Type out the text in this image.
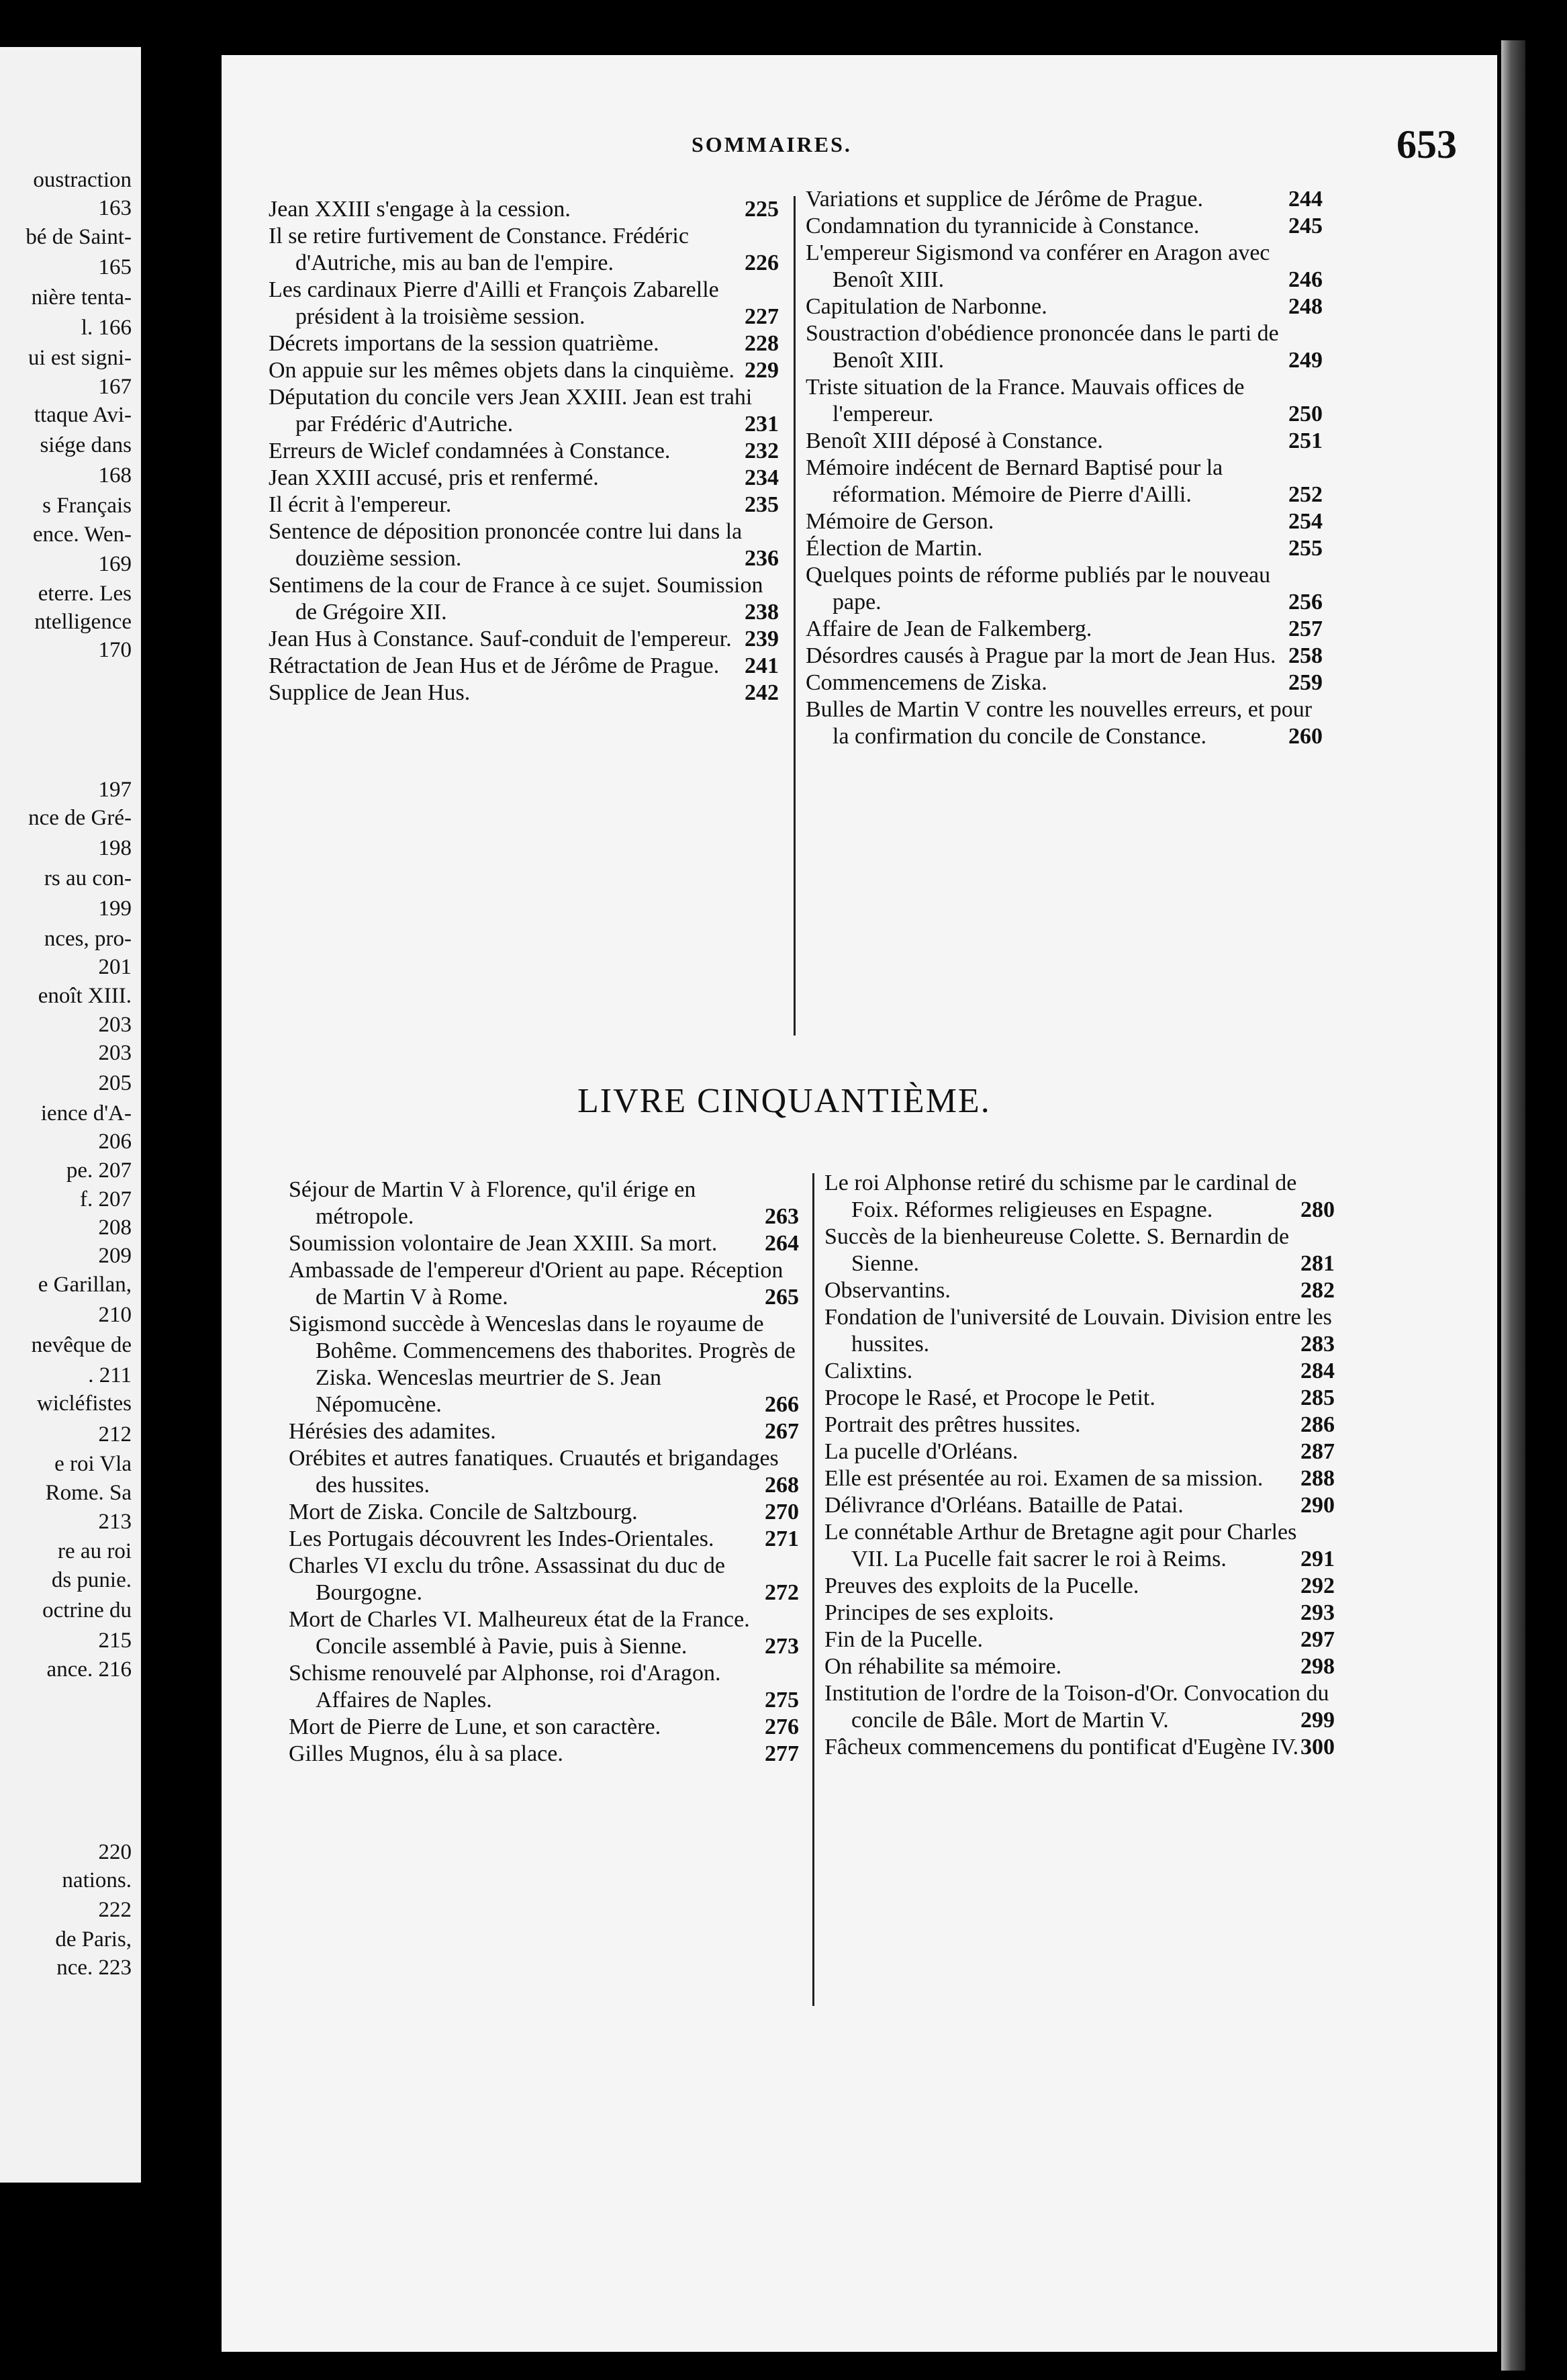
oustraction
163
bé de Saint-
165
nière tenta-
l. 166
ui est signi-
167
ttaque Avi-
siége dans
168
s Français
ence. Wen-
169
eterre. Les
ntelligence
170
197
nce de Gré-
198
rs au con-
199
nces, pro-
201
enoît XIII.
203
203
205
ience d'A-
206
pe. 207
f. 207
208
209
e Garillan,
210
nevêque de
. 211
wicléfistes
212
e roi Vla
Rome. Sa
213
re au roi
ds punie.
octrine du
215
ance. 216
220
nations.
222
de Paris,
nce. 223
SOMMAIRES.	653

Jean XXIII s'engage à la cession.	225

Il se retire furtivement de Constance. Frédéric d'Autriche, mis au ban de l'empire.	226

Les cardinaux Pierre d'Ailli et François Zabarelle président à la troisième session.	227

Décrets importans de la session quatrième.	228

On appuie sur les mêmes objets dans la cinquième. 229

Députation du concile vers Jean XXIII. Jean est trahi par Frédéric d'Autriche.	231

Erreurs de Wiclef condamnées à Constance.	232

Jean XXIII accusé, pris et renfermé.	234

Il écrit à l'empereur.	235

Sentence de déposition prononcée contre lui dans la douzième session.	236

Sentimens de la cour de France à ce sujet. Soumission de Grégoire XII.	238

Jean Hus à Constance. Sauf-conduit de l'empereur. 239

Rétractation de Jean Hus et de Jérôme de Prague. 241

Supplice de Jean Hus.	242

Variations et supplice de Jérôme de Prague.	244

Condamnation du tyrannicide à Constance.	245

L'empereur Sigismond va conférer en Aragon avec Benoît XIII.	246

Capitulation de Narbonne.	248

Soustraction d'obédience prononcée dans le parti de Benoît XIII.	249

Triste situation de la France. Mauvais offices de l'empereur.	250

Benoît XIII déposé à Constance.	251

Mémoire indécent de Bernard Baptisé pour la réformation. Mémoire de Pierre d'Ailli.	252

Mémoire de Gerson.	254

Élection de Martin.	255

Quelques points de réforme publiés par le nouveau pape.	256

Affaire de Jean de Falkemberg.	257

Désordres causés à Prague par la mort de Jean Hus. 258

Commencemens de Ziska.	259

Bulles de Martin V contre les nouvelles erreurs, et pour la confirmation du concile de Constance.	260

LIVRE CINQUANTIÈME.

Séjour de Martin V à Florence, qu'il érige en métropole.	263

Soumission volontaire de Jean XXIII. Sa mort. 264

Ambassade de l'empereur d'Orient au pape. Réception de Martin V à Rome.	265

Sigismond succède à Wenceslas dans le royaume de Bohême. Commencemens des thaborites. Progrès de Ziska. Wenceslas meurtrier de S. Jean Népomucène.	266

Hérésies des adamites.	267

Orébites et autres fanatiques. Cruautés et brigandages des hussites.	268

Mort de Ziska. Concile de Saltzbourg.	270

Les Portugais découvrent les Indes-Orientales. 271

Charles VI exclu du trône. Assassinat du duc de Bourgogne.	272

Mort de Charles VI. Malheureux état de la France. Concile assemblé à Pavie, puis à Sienne.	273

Schisme renouvelé par Alphonse, roi d'Aragon. Affaires de Naples.	275

Mort de Pierre de Lune, et son caractère.	276

Gilles Mugnos, élu à sa place.	277

Le roi Alphonse retiré du schisme par le cardinal de Foix. Réformes religieuses en Espagne.	280

Succès de la bienheureuse Colette. S. Bernardin de Sienne.	281

Observantins.	282

Fondation de l'université de Louvain. Division entre les hussites.	283

Calixtins.	284

Procope le Rasé, et Procope le Petit.	285

Portrait des prêtres hussites.	286

La pucelle d'Orléans.	287

Elle est présentée au roi. Examen de sa mission. 288

Délivrance d'Orléans. Bataille de Patai.	290

Le connétable Arthur de Bretagne agit pour Charles VII. La Pucelle fait sacrer le roi à Reims.	291

Preuves des exploits de la Pucelle.	292

Principes de ses exploits.	293

Fin de la Pucelle.	297

On réhabilite sa mémoire.	298

Institution de l'ordre de la Toison-d'Or. Convocation du concile de Bâle. Mort de Martin V.	299

Fâcheux commencemens du pontificat d'Eugène IV. 300
